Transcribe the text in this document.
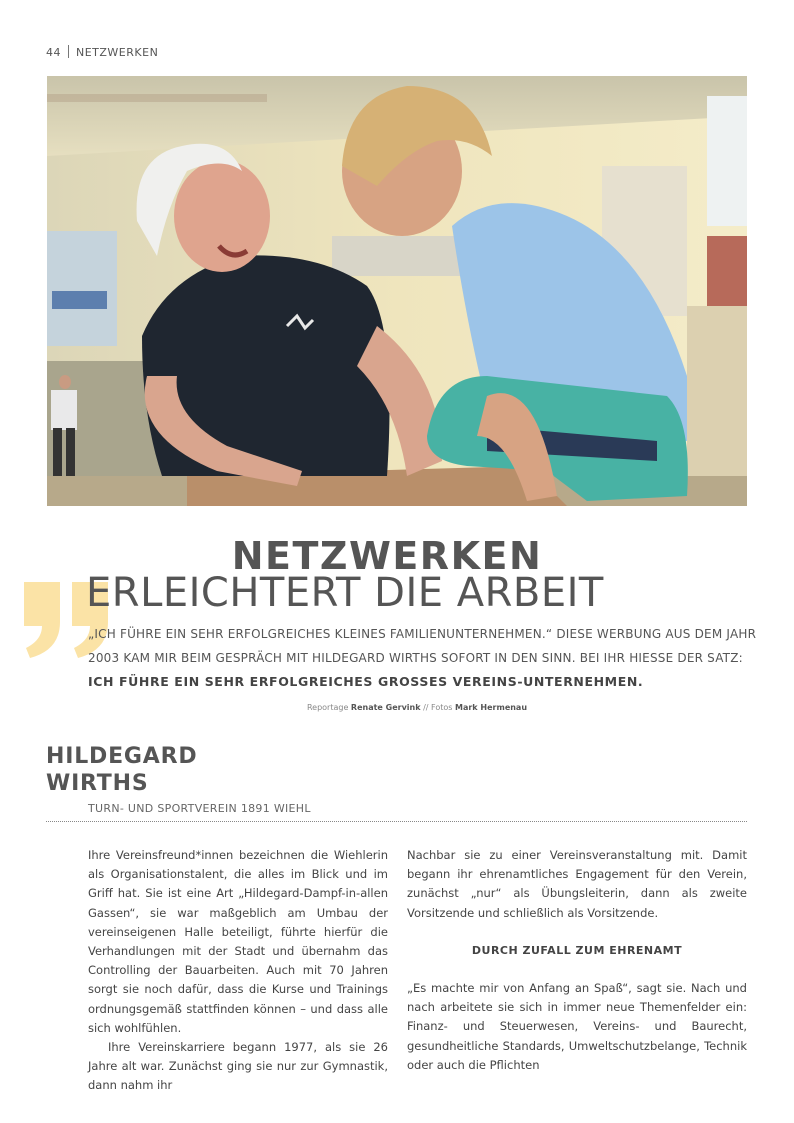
44 NETZWERKEN
NETZWERKEN
ERLEICHTERT DIE ARBEIT

„ICH FÜHRE EIN SEHR ERFOLGREICHES KLEINES FAMILIENUNTERNEHMEN.“ DIESE WERBUNG AUS DEM JAHR

2003 KAM MIR BEIM GESPRÄCH MIT HILDEGARD WIRTHS SOFORT IN DEN SINN. BEI IHR HIESSE DER SATZ:

ICH FÜHRE EIN SEHR ERFOLGREICHES GROSSES VEREINS-UNTERNEHMEN.

Reportage Renate Gervink // Fotos Mark Hermenau
HILDEGARD
WIRTHS
TURN- UND SPORTVEREIN 1891 WIEHL

Ihre Vereinsfreund*innen bezeichnen die Wiehlerin als Organisationstalent, die alles im Blick und im Griff hat. Sie ist eine Art „Hildegard-Dampf-in-allen Gassen“, sie war maßgeblich am Umbau der vereinseigenen Halle beteiligt, führte hierfür die Verhandlungen mit der Stadt und übernahm das Controlling der Bauarbeiten. Auch mit 70 Jahren sorgt sie noch dafür, dass die Kurse und Trainings ordnungsgemäß stattfinden können – und dass alle sich wohlfühlen.

Ihre Vereinskarriere begann 1977, als sie 26 Jahre alt war. Zunächst ging sie nur zur Gymnastik, dann nahm ihr

Nachbar sie zu einer Vereinsveranstaltung mit. Damit begann ihr ehrenamtliches Engagement für den Verein, zunächst „nur“ als Übungsleiterin, dann als zweite Vorsitzende und schließlich als Vorsitzende.

DURCH ZUFALL ZUM EHRENAMT

„Es machte mir von Anfang an Spaß“, sagt sie. Nach und nach arbeitete sie sich in immer neue Themenfelder ein: Finanz- und Steuerwesen, Vereins- und Baurecht, gesundheitliche Standards, Umweltschutzbelange, Technik oder auch die Pflichten
